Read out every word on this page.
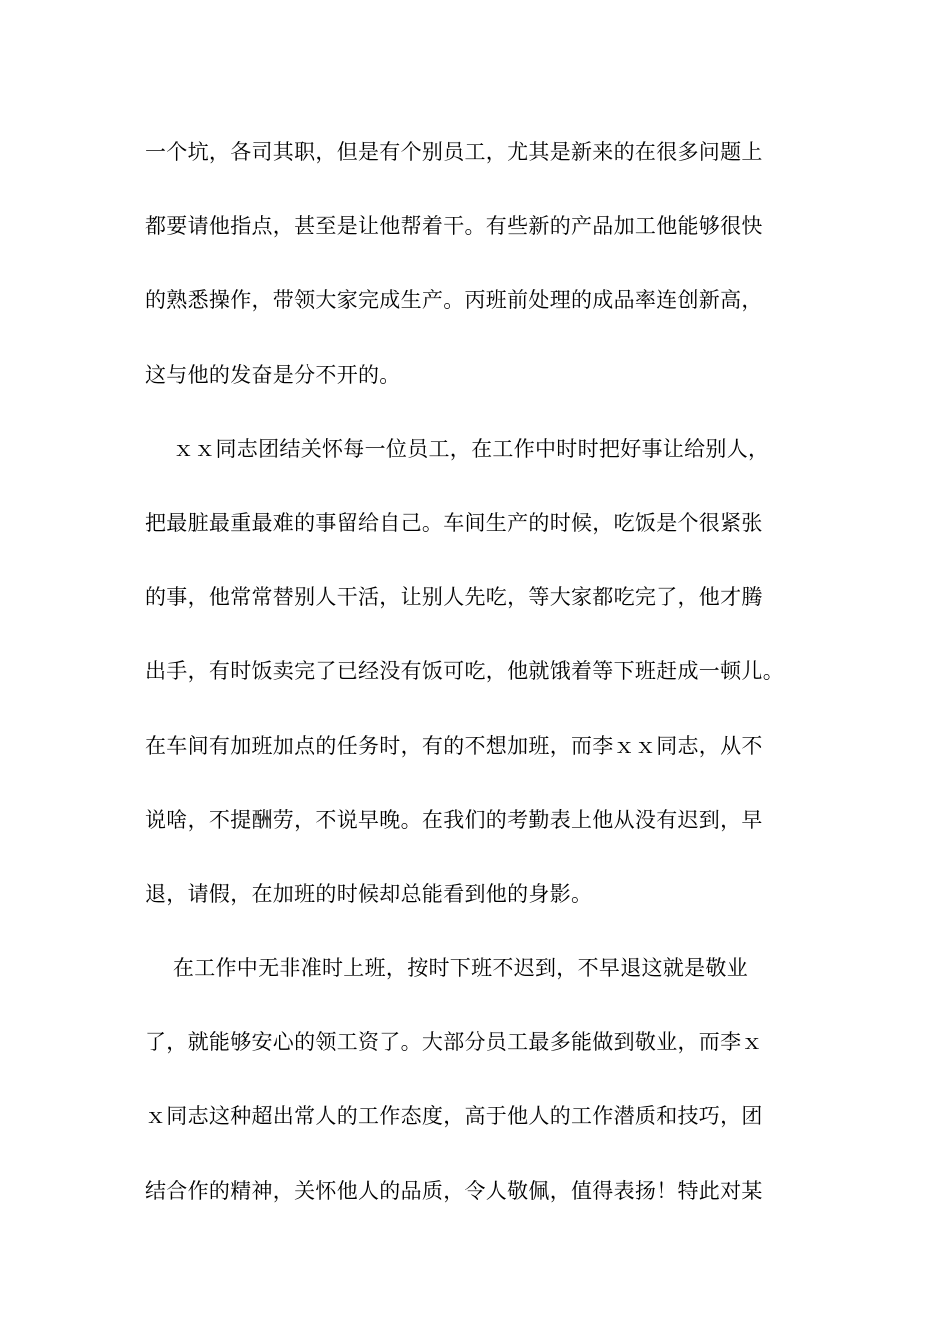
一个坑，各司其职，但是有个别员工，尤其是新来的在很多问题上
都要请他指点，甚至是让他帮着干。有些新的产品加工他能够很快
的熟悉操作，带领大家完成生产。丙班前处理的成品率连创新高，
这与他的发奋是分不开的。
ｘｘ同志团结关怀每一位员工，在工作中时时把好事让给别人，
把最脏最重最难的事留给自己。车间生产的时候，吃饭是个很紧张
的事，他常常替别人干活，让别人先吃，等大家都吃完了，他才腾
出手，有时饭卖完了已经没有饭可吃，他就饿着等下班赶成一顿儿。
在车间有加班加点的任务时，有的不想加班，而李ｘｘ同志，从不
说啥，不提酬劳，不说早晚。在我们的考勤表上他从没有迟到，早
退，请假，在加班的时候却总能看到他的身影。
在工作中无非准时上班，按时下班不迟到，不早退这就是敬业
了，就能够安心的领工资了。大部分员工最多能做到敬业，而李ｘ
ｘ同志这种超出常人的工作态度，高于他人的工作潜质和技巧，团
结合作的精神，关怀他人的品质，令人敬佩，值得表扬！特此对某
